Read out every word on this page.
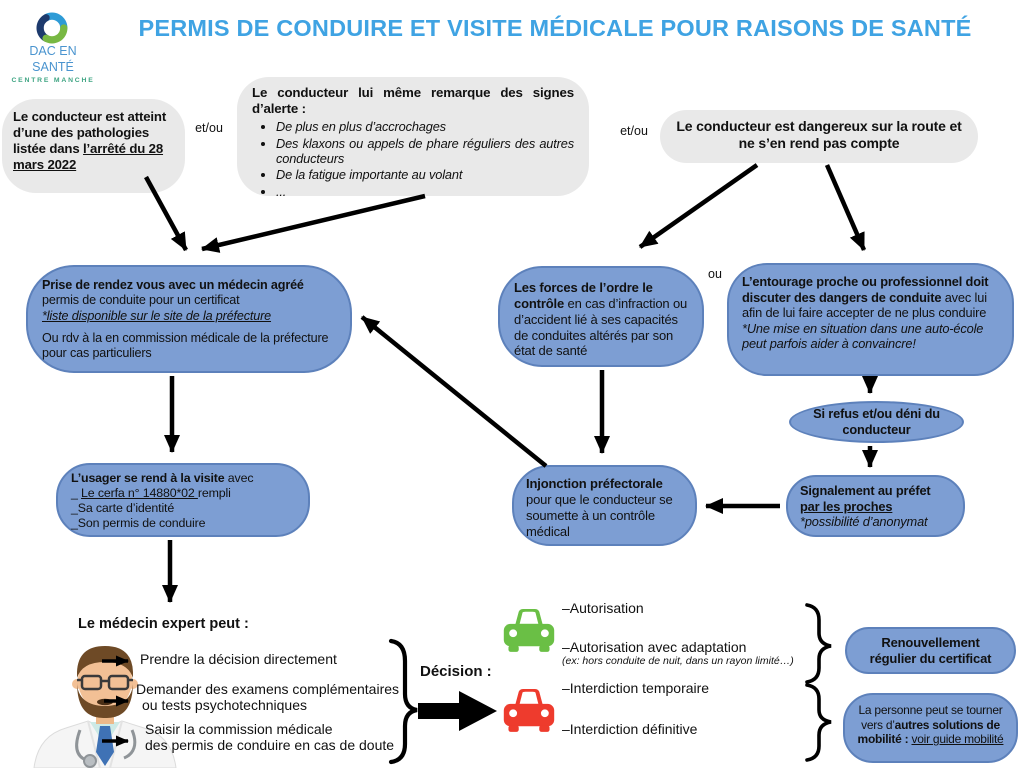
DAC EN
SANTÉ
CENTRE MANCHE
PERMIS DE CONDUIRE ET VISITE MÉDICALE POUR RAISONS DE SANTÉ
Le conducteur est atteint d’une des pathologies listée dans l’arrêté du 28 mars 2022
et/ou
Le conducteur lui même remarque des signes d’alerte :
• De plus en plus d’accrochages
• Des klaxons ou appels de phare réguliers des autres conducteurs
• De la fatigue importante au volant
• ...
et/ou	Le conducteur est dangereux sur la route et ne s’en rend pas compte
Prise de rendez vous avec un médecin agréé
permis de conduite pour un certificat
*liste disponible sur le site de la préfecture
Ou rdv à la en commission médicale de la préfecture pour cas particuliers
Les forces de l’ordre le contrôle en cas d’infraction ou d’accident lié à ses capacités de conduites altérés par son état de santé
ou	L’entourage proche ou professionnel doit discuter des dangers de conduite avec lui afin de lui faire accepter de ne plus conduire
*Une mise en situation dans une auto-école peut parfois aider à convaincre!
Si refus et/ou déni du conducteur
Signalement au préfet
par les proches
*possibilité d’anonymat
Injonction préfectorale
pour que le conducteur se soumette à un contrôle médical
L’usager se rend à la visite avec
_ Le cerfa n° 14880*02 rempli
_Sa carte d’identité
_Son permis de conduire
Le médecin expert peut :
Prendre la décision directement
Demander des examens complémentaires
ou tests psychotechniques
Saisir la commission médicale
des permis de conduire en cas de doute
Décision :
–Autorisation
–Autorisation avec adaptation
(ex: hors conduite de nuit, dans un rayon limité…)
–Interdiction temporaire
–Interdiction définitive
Renouvellement
régulier du certificat
La personne peut se tourner vers d’autres solutions de mobilité : voir guide mobilité
